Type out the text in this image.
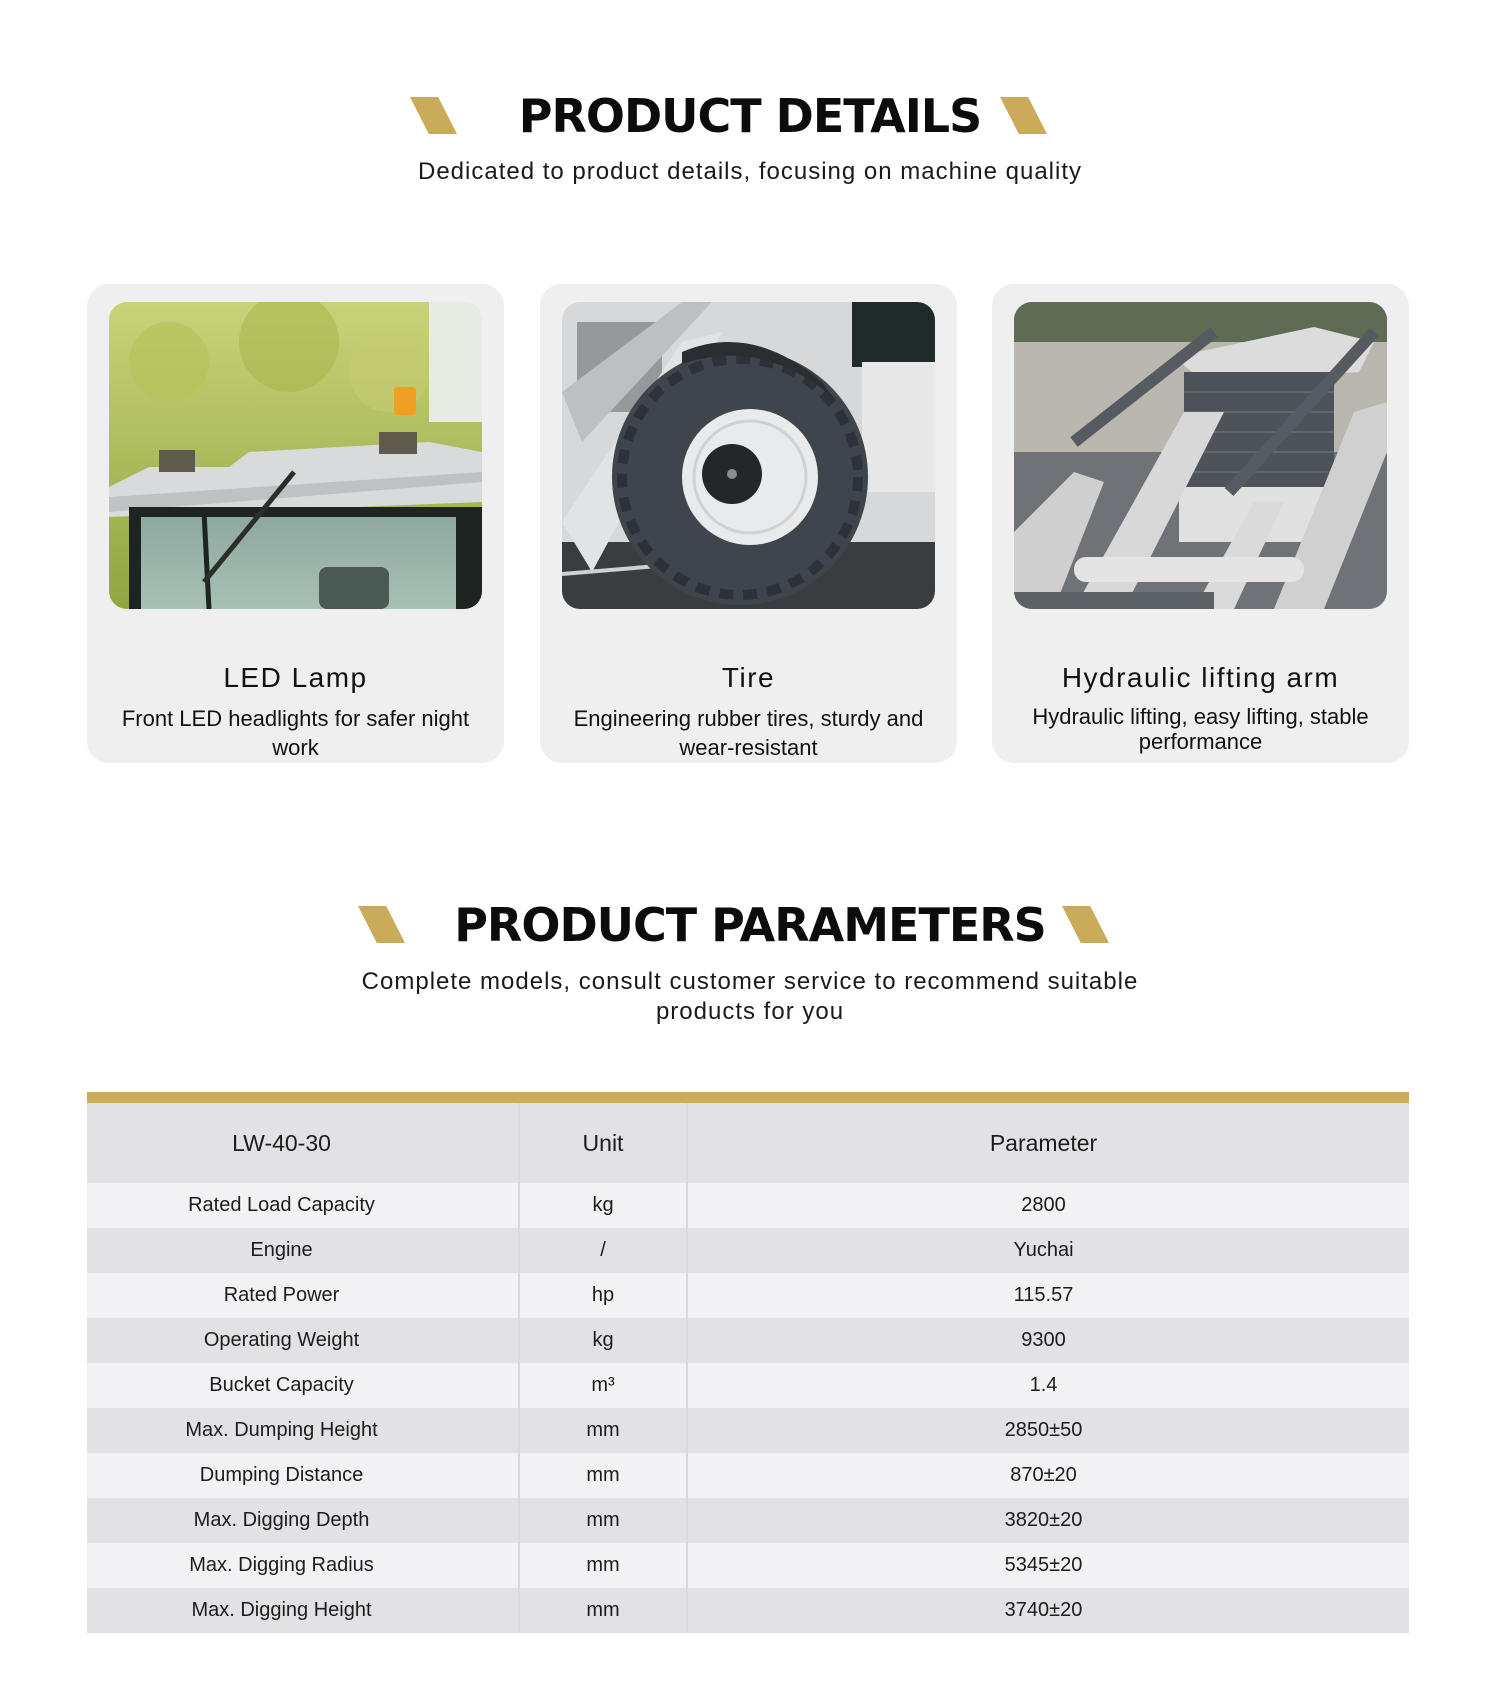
PRODUCT DETAILS
Dedicated to product details, focusing on machine quality
LED Lamp
Front LED headlights for safer night work
Tire
Engineering rubber tires, sturdy and wear-resistant
Hydraulic lifting arm
Hydraulic lifting, easy lifting, stable performance
PRODUCT PARAMETERS
Complete models, consult customer service to recommend suitable
products for you
LW-40-30	Unit	Parameter
Rated Load Capacity	kg	2800
Engine	/	Yuchai
Rated Power	hp	115.57
Operating Weight	kg	9300
Bucket Capacity	m³	1.4
Max. Dumping Height	mm	2850±50
Dumping Distance	mm	870±20
Max. Digging Depth	mm	3820±20
Max. Digging Radius	mm	5345±20
Max. Digging Height	mm	3740±20
